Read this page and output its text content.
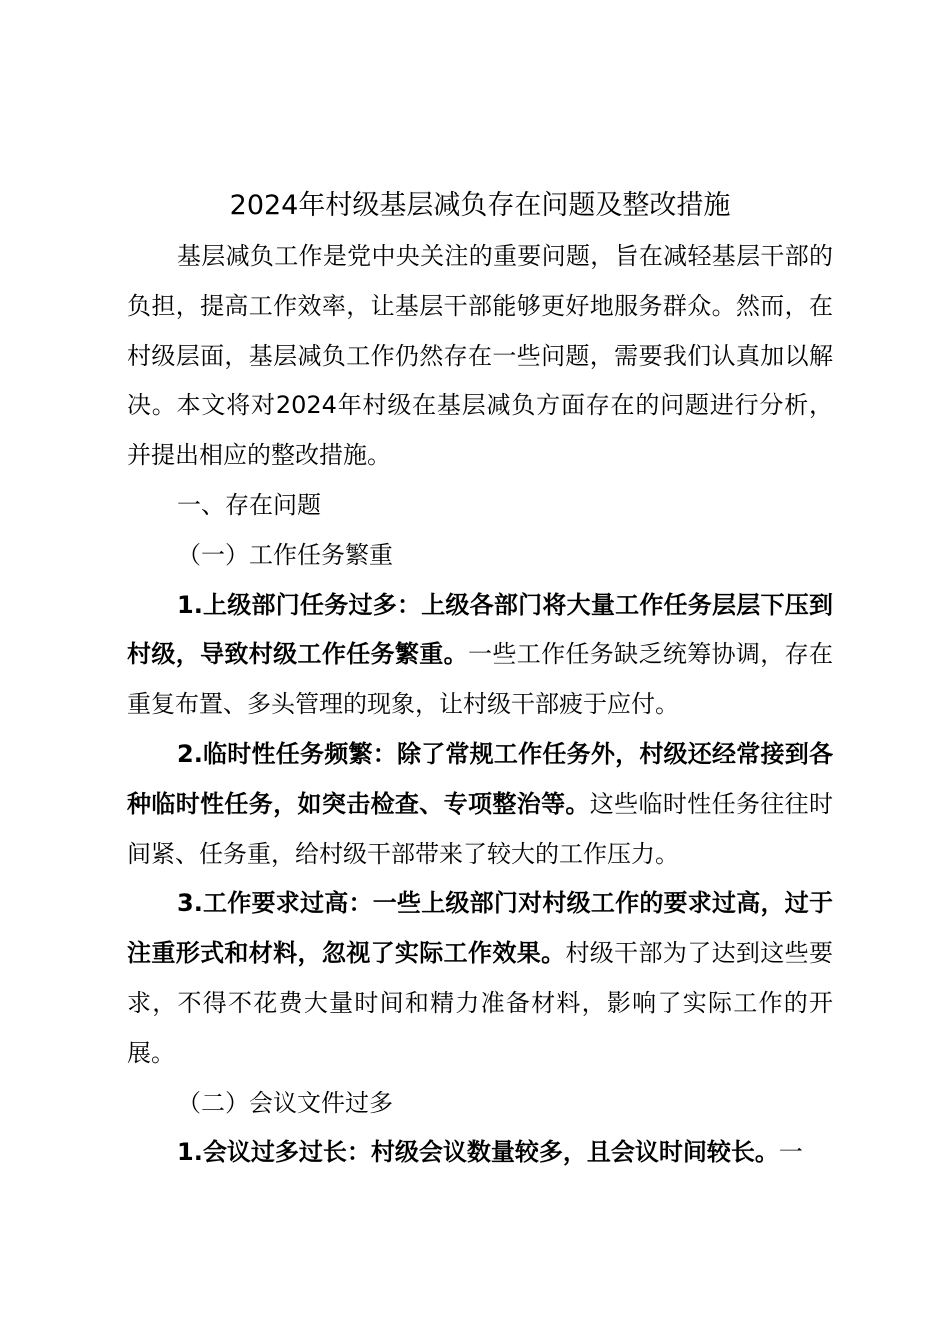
2024年村级基层减负存在问题及整改措施

基层减负工作是党中央关注的重要问题，旨在减轻基层干部的负担，提高工作效率，让基层干部能够更好地服务群众。然而，在村级层面，基层减负工作仍然存在一些问题，需要我们认真加以解决。本文将对2024年村级在基层减负方面存在的问题进行分析，并提出相应的整改措施。

一、存在问题

（一）工作任务繁重

1.上级部门任务过多：上级各部门将大量工作任务层层下压到村级，导致村级工作任务繁重。一些工作任务缺乏统筹协调，存在重复布置、多头管理的现象，让村级干部疲于应付。

2.临时性任务频繁：除了常规工作任务外，村级还经常接到各种临时性任务，如突击检查、专项整治等。这些临时性任务往往时间紧、任务重，给村级干部带来了较大的工作压力。

3.工作要求过高：一些上级部门对村级工作的要求过高，过于注重形式和材料，忽视了实际工作效果。村级干部为了达到这些要求，不得不花费大量时间和精力准备材料，影响了实际工作的开展。

（二）会议文件过多

1.会议过多过长：村级会议数量较多，且会议时间较长。一
